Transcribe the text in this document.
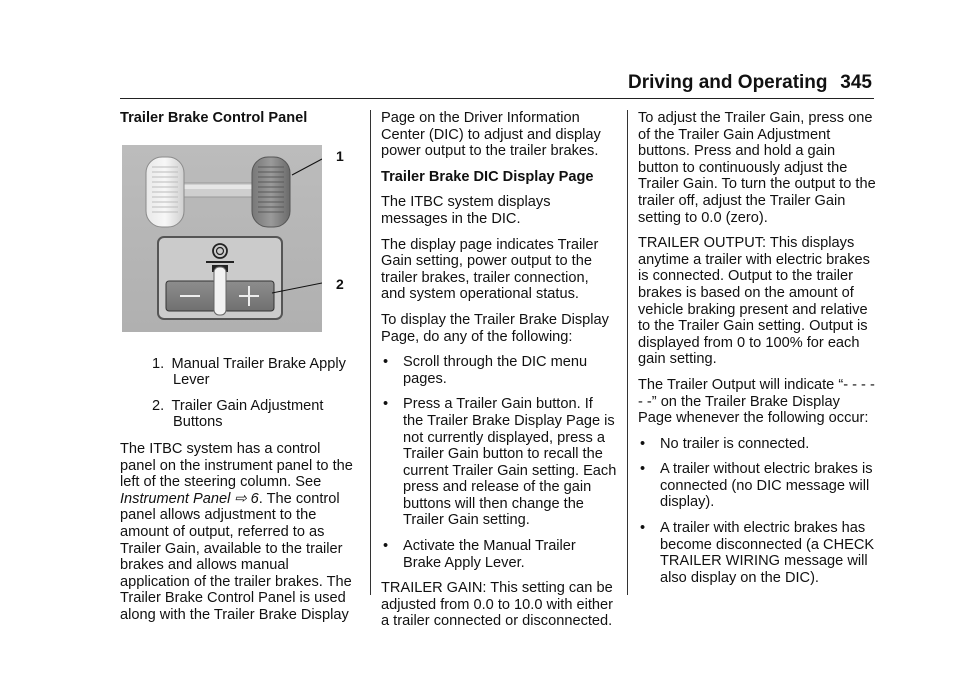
Driving and Operating 345

Trailer Brake Control Panel

1. Manual Trailer Brake Apply Lever

2. Trailer Gain Adjustment Buttons

The ITBC system has a control panel on the instrument panel to the left of the steering column. See Instrument Panel ⇨ 6. The control panel allows adjustment to the amount of output, referred to as Trailer Gain, available to the trailer brakes and allows manual application of the trailer brakes. The Trailer Brake Control Panel is used along with the Trailer Brake Display

1
2

Page on the Driver Information Center (DIC) to adjust and display power output to the trailer brakes.

Trailer Brake DIC Display Page

The ITBC system displays messages in the DIC.

The display page indicates Trailer Gain setting, power output to the trailer brakes, trailer connection, and system operational status.

To display the Trailer Brake Display Page, do any of the following:

• Scroll through the DIC menu pages.
• Press a Trailer Gain button. If the Trailer Brake Display Page is not currently displayed, press a Trailer Gain button to recall the current Trailer Gain setting. Each press and release of the gain buttons will then change the Trailer Gain setting.
• Activate the Manual Trailer Brake Apply Lever.

TRAILER GAIN: This setting can be adjusted from 0.0 to 10.0 with either a trailer connected or disconnected.

To adjust the Trailer Gain, press one of the Trailer Gain Adjustment buttons. Press and hold a gain button to continuously adjust the Trailer Gain. To turn the output to the trailer off, adjust the Trailer Gain setting to 0.0 (zero).

TRAILER OUTPUT: This displays anytime a trailer with electric brakes is connected. Output to the trailer brakes is based on the amount of vehicle braking present and relative to the Trailer Gain setting. Output is displayed from 0 to 100% for each gain setting.

The Trailer Output will indicate “- - - - - -” on the Trailer Brake Display Page whenever the following occur:

• No trailer is connected.
• A trailer without electric brakes is connected (no DIC message will display).
• A trailer with electric brakes has become disconnected (a CHECK TRAILER WIRING message will also display on the DIC).
